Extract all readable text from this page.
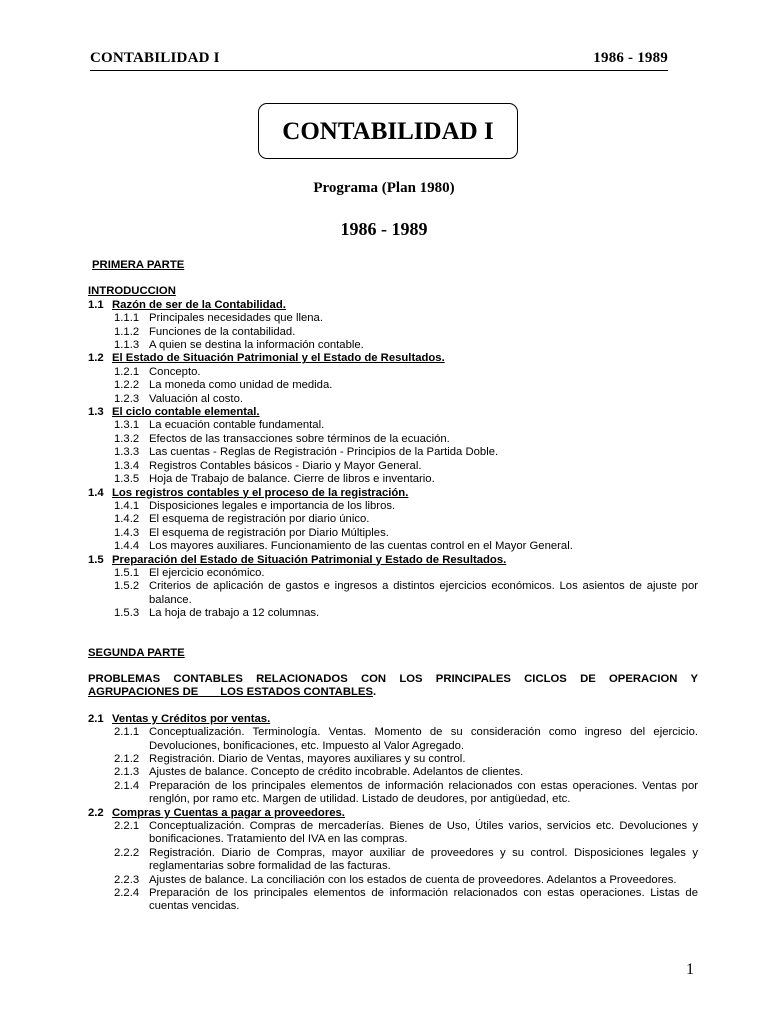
CONTABILIDAD I	1986 - 1989
CONTABILIDAD I
Programa (Plan 1980)
1986 - 1989
PRIMERA PARTE
INTRODUCCION
1.1 Razón de ser de la Contabilidad.
1.1.1 Principales necesidades que llena.
1.1.2 Funciones de la contabilidad.
1.1.3 A quien se destina la información contable.
1.2 El Estado de Situación Patrimonial y el Estado de Resultados.
1.2.1 Concepto.
1.2.2 La moneda como unidad de medida.
1.2.3 Valuación al costo.
1.3 El ciclo contable elemental.
1.3.1 La ecuación contable fundamental.
1.3.2 Efectos de las transacciones sobre términos de la ecuación.
1.3.3 Las cuentas - Reglas de Registración - Principios de la Partida Doble.
1.3.4 Registros Contables básicos - Diario y Mayor General.
1.3.5 Hoja de Trabajo de balance. Cierre de libros e inventario.
1.4 Los registros contables y el proceso de la registración.
1.4.1 Disposiciones legales e importancia de los libros.
1.4.2 El esquema de registración por diario único.
1.4.3 El esquema de registración por Diario Múltiples.
1.4.4 Los mayores auxiliares. Funcionamiento de las cuentas control en el Mayor General.
1.5 Preparación del Estado de Situación Patrimonial y Estado de Resultados.
1.5.1 El ejercicio económico.
1.5.2 Criterios de aplicación de gastos e ingresos a distintos ejercicios económicos. Los asientos de ajuste por balance.
1.5.3 La hoja de trabajo a 12 columnas.
SEGUNDA PARTE
PROBLEMAS CONTABLES RELACIONADOS CON LOS PRINCIPALES CICLOS DE OPERACION Y
AGRUPACIONES DE LOS ESTADOS CONTABLES.
2.1 Ventas y Créditos por ventas.
2.1.1 Conceptualización. Terminología. Ventas. Momento de su consideración como ingreso del ejercicio. Devoluciones, bonificaciones, etc. Impuesto al Valor Agregado.
2.1.2 Registración. Diario de Ventas, mayores auxiliares y su control.
2.1.3 Ajustes de balance. Concepto de crédito incobrable. Adelantos de clientes.
2.1.4 Preparación de los principales elementos de información relacionados con estas operaciones. Ventas por renglón, por ramo etc. Margen de utilidad. Listado de deudores, por antigüedad, etc.
2.2 Compras y Cuentas a pagar a proveedores.
2.2.1 Conceptualización. Compras de mercaderías. Bienes de Uso, Útiles varios, servicios etc. Devoluciones y bonificaciones. Tratamiento del IVA en las compras.
2.2.2 Registración. Diario de Compras, mayor auxiliar de proveedores y su control. Disposiciones legales y reglamentarias sobre formalidad de las facturas.
2.2.3 Ajustes de balance. La conciliación con los estados de cuenta de proveedores. Adelantos a Proveedores.
2.2.4 Preparación de los principales elementos de información relacionados con estas operaciones. Listas de cuentas vencidas.
1
